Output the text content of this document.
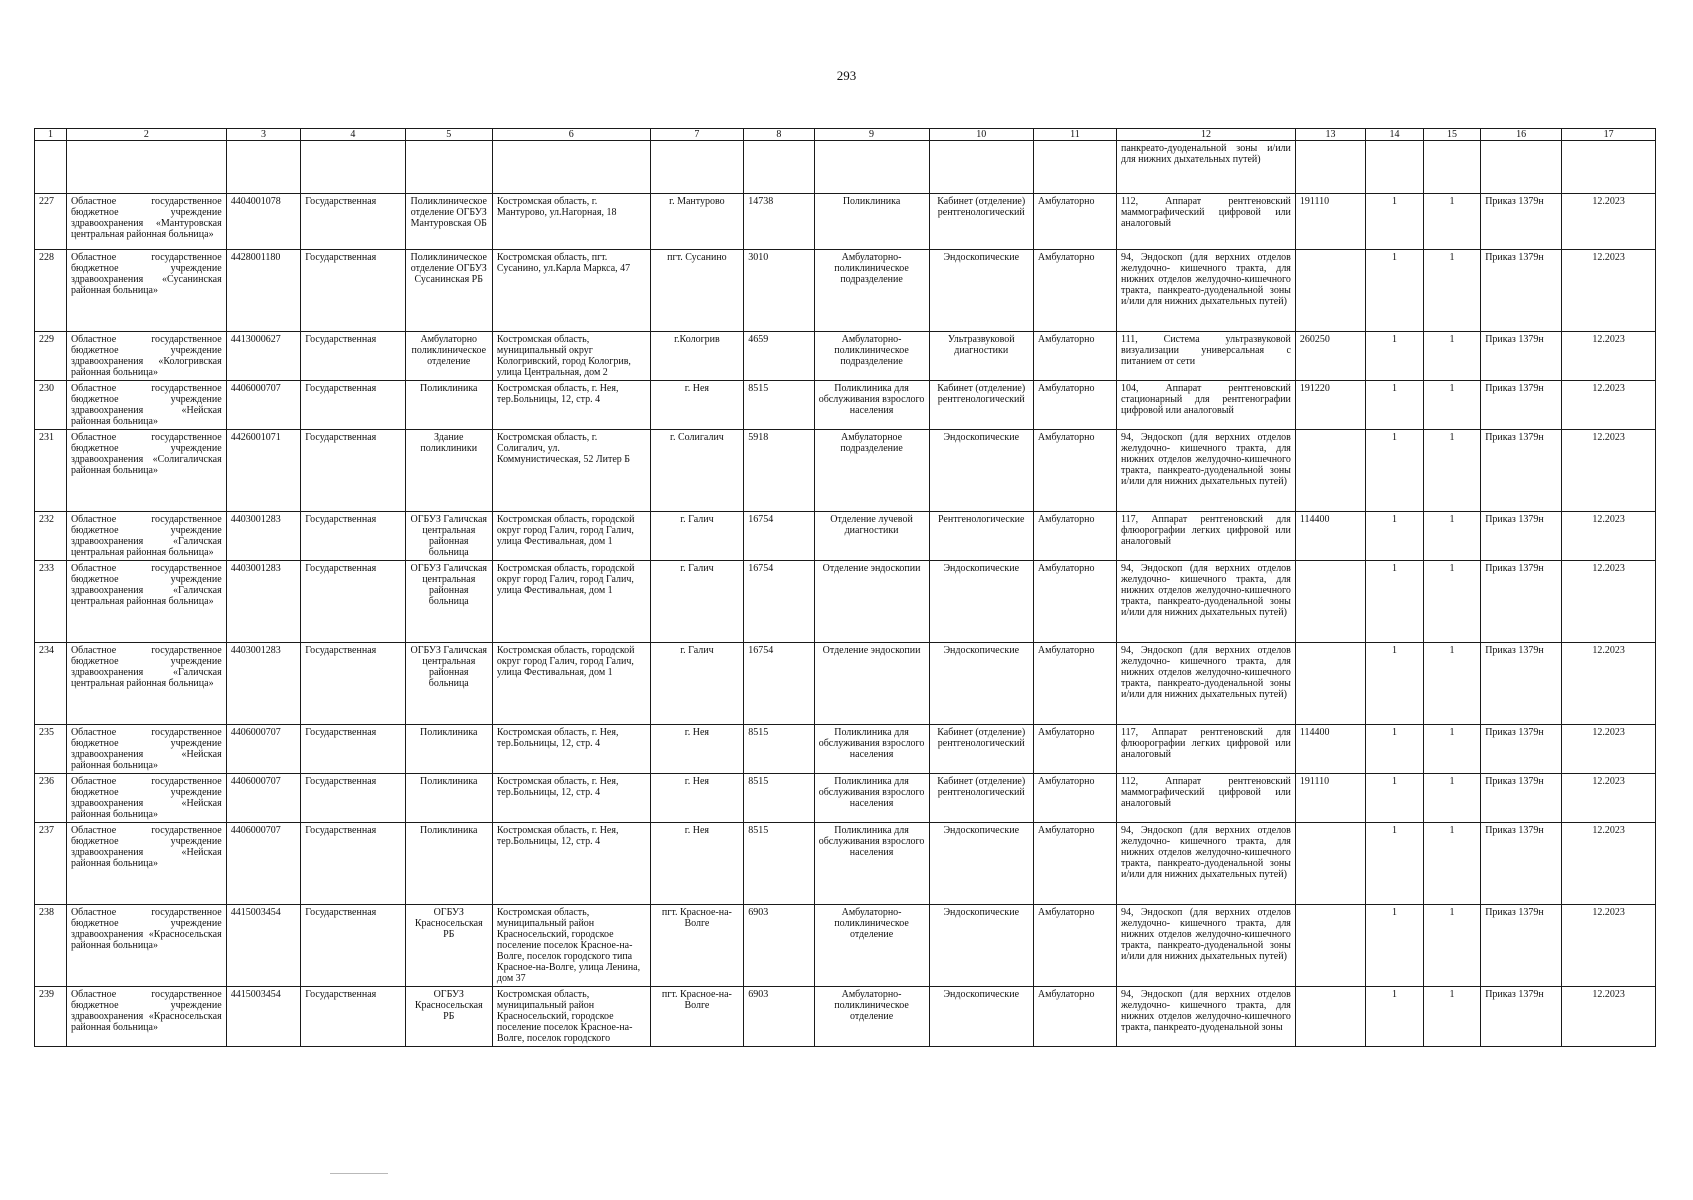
293
1	2	3	4	5	6	7	8	9	10	11	12	13	14	15	16	17
											панкреато-дуоденальной зоны и/или для нижних дыхательных путей)					
227	Областное государственное бюджетное учреждение здравоохранения «Мантуровская центральная районная больница»	4404001078	Государственная	Поликлиническое отделение ОГБУЗ Мантуровская ОБ	Костромская область, г. Мантурово, ул.Нагорная, 18	г. Мантурово	14738	Поликлиника	Кабинет (отделение) рентгенологический	Амбулаторно	112, Аппарат рентгеновский маммографический цифровой или аналоговый	191110	1	1	Приказ 1379н	12.2023
228	Областное государственное бюджетное учреждение здравоохранения «Сусанинская районная больница»	4428001180	Государственная	Поликлиническое отделение ОГБУЗ Сусанинская РБ	Костромская область, пгт. Сусанино, ул.Карла Маркса, 47	пгт. Сусанино	3010	Амбулаторно-поликлиническое подразделение	Эндоскопические	Амбулаторно	94, Эндоскоп (для верхних отделов желудочно- кишечного тракта, для нижних отделов желудочно-кишечного тракта, панкреато-дуоденальной зоны и/или для нижних дыхательных путей)		1	1	Приказ 1379н	12.2023
229	Областное государственное бюджетное учреждение здравоохранения «Кологривская районная больница»	4413000627	Государственная	Амбулаторно поликлиническое отделение	Костромская область, муниципальный округ Кологривский, город Кологрив, улица Центральная, дом 2	г.Кологрив	4659	Амбулаторно-поликлиническое подразделение	Ультразвуковой диагностики	Амбулаторно	111, Система ультразвуковой визуализации универсальная с питанием от сети	260250	1	1	Приказ 1379н	12.2023
230	Областное государственное бюджетное учреждение здравоохранения «Нейская районная больница»	4406000707	Государственная	Поликлиника	Костромская область, г. Нея, тер.Больницы, 12, стр. 4	г. Нея	8515	Поликлиника для обслуживания взрослого населения	Кабинет (отделение) рентгенологический	Амбулаторно	104, Аппарат рентгеновский стационарный для рентгенографии цифровой или аналоговый	191220	1	1	Приказ 1379н	12.2023
231	Областное государственное бюджетное учреждение здравоохранения «Солигаличская районная больница»	4426001071	Государственная	Здание поликлиники	Костромская область, г. Солигалич, ул. Коммунистическая, 52 Литер Б	г. Солигалич	5918	Амбулаторное подразделение	Эндоскопические	Амбулаторно	94, Эндоскоп (для верхних отделов желудочно- кишечного тракта, для нижних отделов желудочно-кишечного тракта, панкреато-дуоденальной зоны и/или для нижних дыхательных путей)		1	1	Приказ 1379н	12.2023
232	Областное государственное бюджетное учреждение здравоохранения «Галичская центральная районная больница»	4403001283	Государственная	ОГБУЗ Галичская центральная районная больница	Костромская область, городской округ город Галич, город Галич, улица Фестивальная, дом 1	г. Галич	16754	Отделение лучевой диагностики	Рентгенологические	Амбулаторно	117, Аппарат рентгеновский для флюорографии легких цифровой или аналоговый	114400	1	1	Приказ 1379н	12.2023
233	Областное государственное бюджетное учреждение здравоохранения «Галичская центральная районная больница»	4403001283	Государственная	ОГБУЗ Галичская центральная районная больница	Костромская область, городской округ город Галич, город Галич, улица Фестивальная, дом 1	г. Галич	16754	Отделение эндоскопии	Эндоскопические	Амбулаторно	94, Эндоскоп (для верхних отделов желудочно- кишечного тракта, для нижних отделов желудочно-кишечного тракта, панкреато-дуоденальной зоны и/или для нижних дыхательных путей)		1	1	Приказ 1379н	12.2023
234	Областное государственное бюджетное учреждение здравоохранения «Галичская центральная районная больница»	4403001283	Государственная	ОГБУЗ Галичская центральная районная больница	Костромская область, городской округ город Галич, город Галич, улица Фестивальная, дом 1	г. Галич	16754	Отделение эндоскопии	Эндоскопические	Амбулаторно	94, Эндоскоп (для верхних отделов желудочно- кишечного тракта, для нижних отделов желудочно-кишечного тракта, панкреато-дуоденальной зоны и/или для нижних дыхательных путей)		1	1	Приказ 1379н	12.2023
235	Областное государственное бюджетное учреждение здравоохранения «Нейская районная больница»	4406000707	Государственная	Поликлиника	Костромская область, г. Нея, тер.Больницы, 12, стр. 4	г. Нея	8515	Поликлиника для обслуживания взрослого населения	Кабинет (отделение) рентгенологический	Амбулаторно	117, Аппарат рентгеновский для флюорографии легких цифровой или аналоговый	114400	1	1	Приказ 1379н	12.2023
236	Областное государственное бюджетное учреждение здравоохранения «Нейская районная больница»	4406000707	Государственная	Поликлиника	Костромская область, г. Нея, тер.Больницы, 12, стр. 4	г. Нея	8515	Поликлиника для обслуживания взрослого населения	Кабинет (отделение) рентгенологический	Амбулаторно	112, Аппарат рентгеновский маммографический цифровой или аналоговый	191110	1	1	Приказ 1379н	12.2023
237	Областное государственное бюджетное учреждение здравоохранения «Нейская районная больница»	4406000707	Государственная	Поликлиника	Костромская область, г. Нея, тер.Больницы, 12, стр. 4	г. Нея	8515	Поликлиника для обслуживания взрослого населения	Эндоскопические	Амбулаторно	94, Эндоскоп (для верхних отделов желудочно- кишечного тракта, для нижних отделов желудочно-кишечного тракта, панкреато-дуоденальной зоны и/или для нижних дыхательных путей)		1	1	Приказ 1379н	12.2023
238	Областное государственное бюджетное учреждение здравоохранения «Красносельская районная больница»	4415003454	Государственная	ОГБУЗ Красносельская РБ	Костромская область, муниципальный район Красносельский, городское поселение поселок Красное-на-Волге, поселок городского типа Красное-на-Волге, улица Ленина, дом 37	пгт. Красное-на-Волге	6903	Амбулаторно-поликлиническое отделение	Эндоскопические	Амбулаторно	94, Эндоскоп (для верхних отделов желудочно- кишечного тракта, для нижних отделов желудочно-кишечного тракта, панкреато-дуоденальной зоны и/или для нижних дыхательных путей)		1	1	Приказ 1379н	12.2023
239	Областное государственное бюджетное учреждение здравоохранения «Красносельская районная больница»	4415003454	Государственная	ОГБУЗ Красносельская РБ	Костромская область, муниципальный район Красносельский, городское поселение поселок Красное-на-Волге, поселок городского	пгт. Красное-на-Волге	6903	Амбулаторно-поликлиническое отделение	Эндоскопические	Амбулаторно	94, Эндоскоп (для верхних отделов желудочно- кишечного тракта, для нижних отделов желудочно-кишечного тракта, панкреато-дуоденальной зоны		1	1	Приказ 1379н	12.2023
